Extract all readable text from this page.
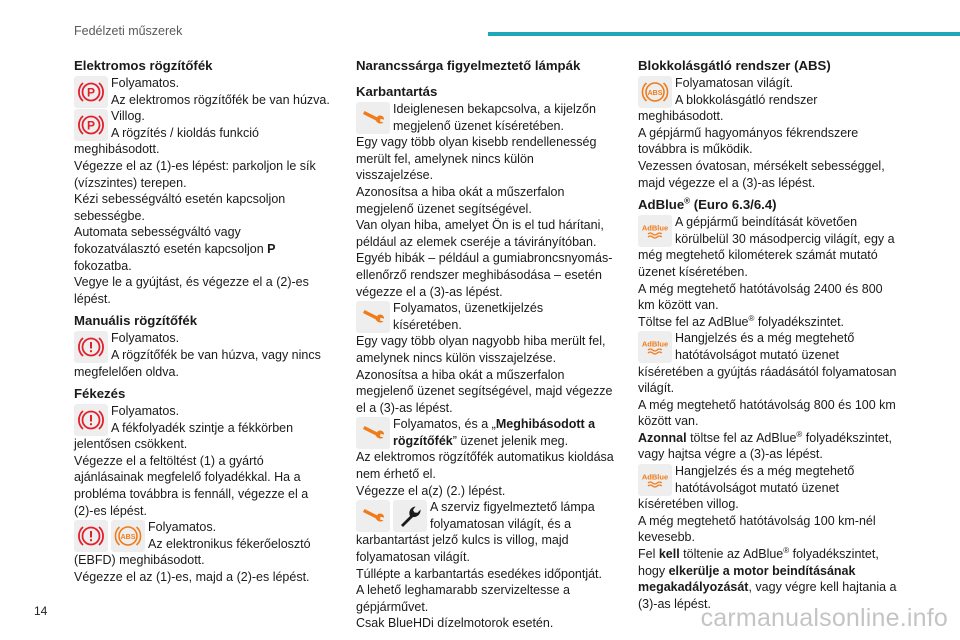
Fedélzeti műszerek
Elektromos rögzítőfék
Folyamatos.
Az elektromos rögzítőfék be van húzva.
Villog.
A rögzítés / kioldás funkció meghibásodott.
Végezze el az (1)-es lépést: parkoljon le sík (vízszintes) terepen.
Kézi sebességváltó esetén kapcsoljon sebességbe.
Automata sebességváltó vagy fokozatválasztó esetén kapcsoljon P fokozatba.
Vegye le a gyújtást, és végezze el a (2)-es lépést.
Manuális rögzítőfék
Folyamatos.
A rögzítőfék be van húzva, vagy nincs megfelelően oldva.
Fékezés
Folyamatos.
A fékfolyadék szintje a fékkörben jelentősen csökkent.
Végezze el a feltöltést (1) a gyártó ajánlásainak megfelelő folyadékkal. Ha a probléma továbbra is fennáll, végezze el a (2)-es lépést.
Folyamatos.
Az elektronikus fékerőelosztó (EBFD) meghibásodott.
Végezze el az (1)-es, majd a (2)-es lépést.
Narancssárga figyelmeztető lámpák
Karbantartás
Ideiglenesen bekapcsolva, a kijelzőn megjelenő üzenet kíséretében.
Egy vagy több olyan kisebb rendellenesség merült fel, amelynek nincs külön visszajelzése.
Azonosítsa a hiba okát a műszerfalon megjelenő üzenet segítségével.
Van olyan hiba, amelyet Ön is el tud hárítani, például az elemek cseréje a távirányítóban.
Egyéb hibák – például a gumiabroncsnyomás-ellenőrző rendszer meghibásodása – esetén végezze el a (3)-as lépést.
Folyamatos, üzenetkijelzés kíséretében.
Egy vagy több olyan nagyobb hiba merült fel, amelynek nincs külön visszajelzése.
Azonosítsa a hiba okát a műszerfalon megjelenő üzenet segítségével, majd végezze el a (3)-as lépést.
Folyamatos, és a „Meghibásodott a rögzítőfék” üzenet jelenik meg.
Az elektromos rögzítőfék automatikus kioldása nem érhető el.
Végezze el a(z) (2.) lépést.
A szerviz figyelmeztető lámpa folyamatosan világít, és a karbantartást jelző kulcs is villog, majd folyamatosan világít.
Túllépte a karbantartás esedékes időpontját.
A lehető leghamarabb szervizeltesse a gépjárművet.
Csak BlueHDi dízelmotorok esetén.
Blokkolásgátló rendszer (ABS)
Folyamatosan világít.
A blokkolásgátló rendszer meghibásodott.
A gépjármű hagyományos fékrendszere továbbra is működik.
Vezessen óvatosan, mérsékelt sebességgel, majd végezze el a (3)-as lépést.
AdBlue® (Euro 6.3/6.4)
A gépjármű beindítását követően körülbelül 30 másodpercig világít, egy a még megtehető kilométerek számát mutató üzenet kíséretében.
A még megtehető hatótávolság 2400 és 800 km között van.
Töltse fel az AdBlue® folyadékszintet.
Hangjelzés és a még megtehető hatótávolságot mutató üzenet kíséretében a gyújtás ráadásától folyamatosan világít.
A még megtehető hatótávolság 800 és 100 km között van.
Azonnal töltse fel az AdBlue® folyadékszintet, vagy hajtsa végre a (3)-as lépést.
Hangjelzés és a még megtehető hatótávolságot mutató üzenet kíséretében villog.
A még megtehető hatótávolság 100 km-nél kevesebb.
Fel kell töltenie az AdBlue® folyadékszintet, hogy elkerülje a motor beindításának megakadályozását, vagy végre kell hajtania a (3)-as lépést.
14	carmanualsonline.info
